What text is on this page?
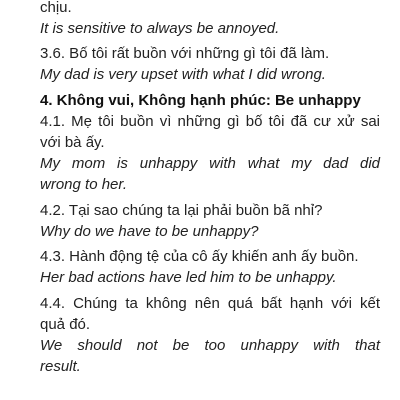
chịu.
It is sensitive to always be annoyed.
3.6. Bố tôi rất buồn với những gì tôi đã làm.
My dad is very upset with what I did wrong.
4. Không vui, Không hạnh phúc: Be unhappy
4.1. Mẹ tôi buồn vì những gì bố tôi đã cư xử sai
với bà ấy.
My mom is unhappy with what my dad did
wrong to her.
4.2. Tại sao chúng ta lại phải buồn bã nhỉ?
Why do we have to be unhappy?
4.3. Hành động tệ của cô ấy khiến anh ấy buồn.
Her bad actions have led him to be unhappy.
4.4. Chúng ta không nên quá bất hạnh với kết
quả đó.
We should not be too unhappy with that
result.
